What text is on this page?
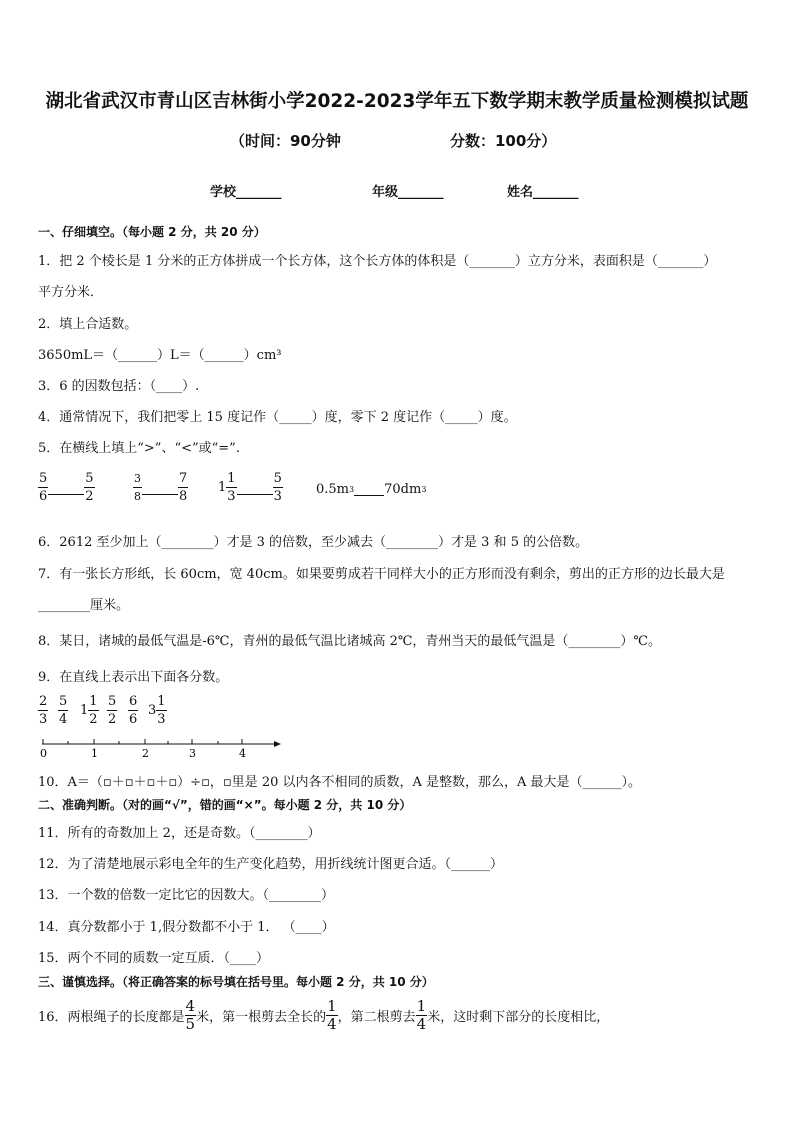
湖北省武汉市青山区吉林街小学2022-2023学年五下数学期末教学质量检测模拟试题
（时间：90分钟	分数：100分）
学校_______	年级_______	姓名_______
一、仔细填空。（每小题 2 分，共 20 分）
1．把 2 个棱长是 1 分米的正方体拼成一个长方体，这个长方体的体积是（_______）立方分米，表面积是（_______）
平方分米．
2．填上合适数。
3650mL＝（______）L＝（______）cm³
3．6 的因数包括：（____）.
4．通常情况下，我们把零上 15 度记作（_____）度，零下 2 度记作（_____）度。
5．在横线上填上“>”、“<”或“=”.
$\frac{5}{6}$	$\frac{5}{2}$	$\frac{3}{8}$	$\frac{7}{8} 1 \frac{1}{3}$	$\frac{5}{3}$	0.5m 3 70dm 3
6．2612 至少加上（________）才是 3 的倍数，至少减去（________）才是 3 和 5 的公倍数。
7．有一张长方形纸，长 60cm，宽 40cm。如果要剪成若干同样大小的正方形而没有剩余，剪出的正方形的边长最大是
________厘米。
8．某日，诸城的最低气温是-6℃，青州的最低气温比诸城高 2℃，青州当天的最低气温是（________）℃。
9．在直线上表示出下面各分数。
$\frac{2}{3} \frac{5}{4} 1 \frac{1}{2} \frac{5}{2} \frac{6}{6} 3 \frac{1}{3}$
0	1	2	3	4
10．A＝（▫＋▫＋▫＋▫）÷▫，▫里是 20 以内各不相同的质数，A 是整数，那么，A 最大是（______）。
二、准确判断。（对的画“√”，错的画“×”。每小题 2 分，共 10 分）
11．所有的奇数加上 2，还是奇数。（________）
12．为了清楚地展示彩电全年的生产变化趋势，用折线统计图更合适。（______）
13．一个数的倍数一定比它的因数大。（________）
14．真分数都小于 1,假分数都不小于 1． （____）
15．两个不同的质数一定互质．（____）
三、谨慎选择。（将正确答案的标号填在括号里。每小题 2 分，共 10 分）
16．两根绳子的长度都是 $\frac{4}{5}$ 米，第一根剪去全长的 $\frac{1}{4}$ ，第二根剪去 $\frac{1}{4}$ 米，这时剩下部分的长度相比，
